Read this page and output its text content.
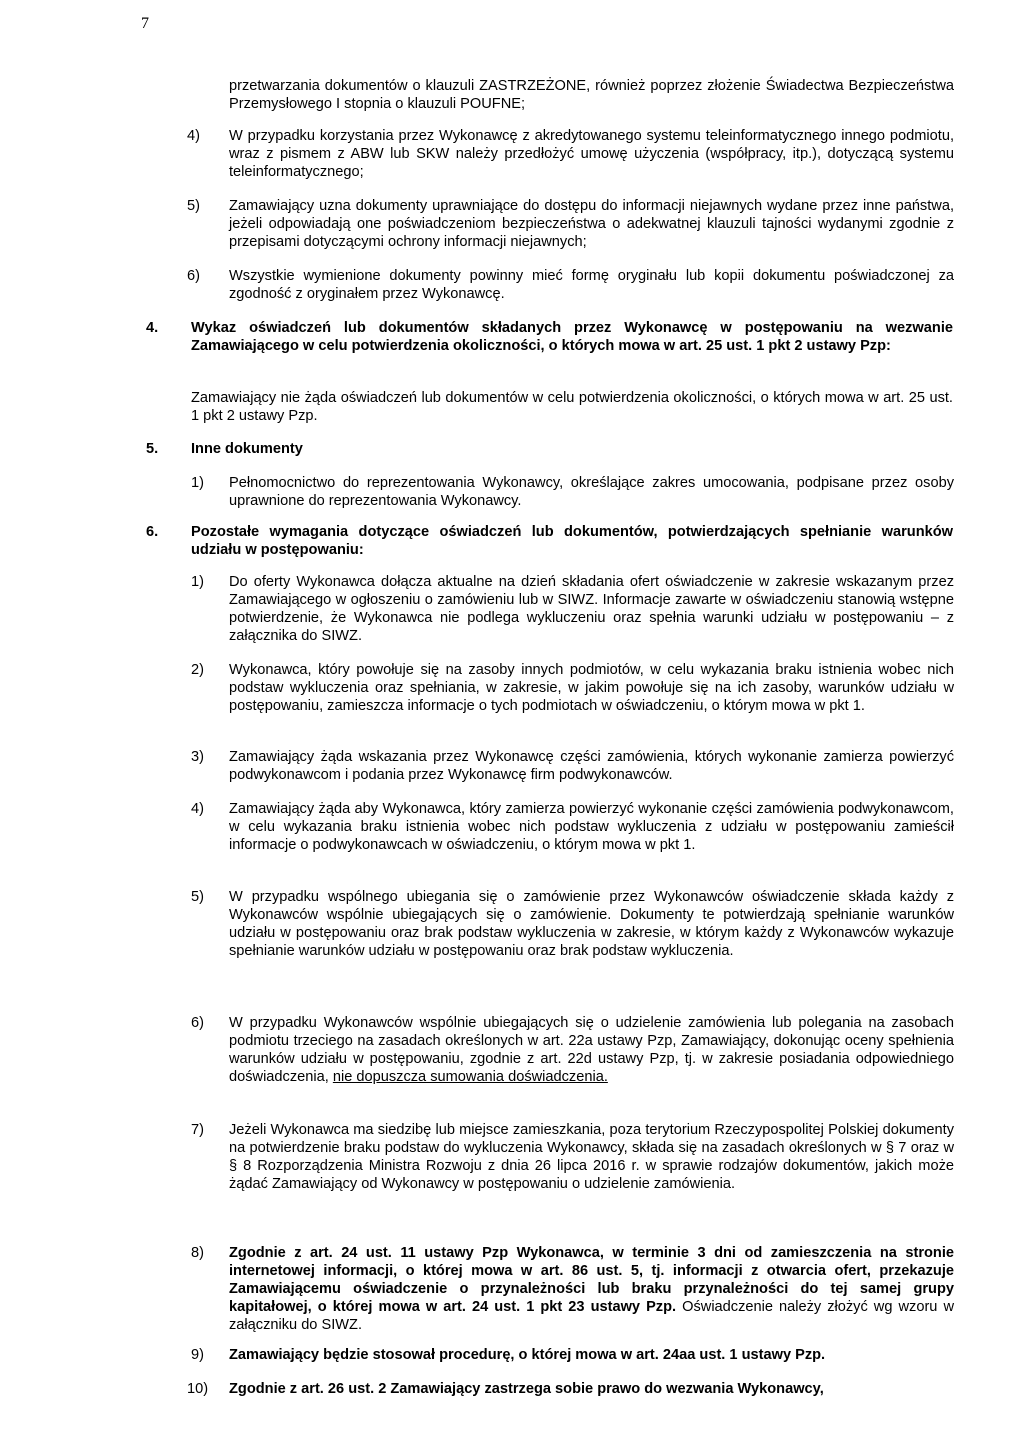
7
przetwarzania dokumentów o klauzuli ZASTRZEŻONE, również poprzez złożenie Świadectwa Bezpieczeństwa Przemysłowego I stopnia o klauzuli POUFNE;
4) W przypadku korzystania przez Wykonawcę z akredytowanego systemu teleinformatycznego innego podmiotu, wraz z pismem z ABW lub SKW należy przedłożyć umowę użyczenia (współpracy, itp.), dotyczącą systemu teleinformatycznego;
5) Zamawiający uzna dokumenty uprawniające do dostępu do informacji niejawnych wydane przez inne państwa, jeżeli odpowiadają one poświadczeniom bezpieczeństwa o adekwatnej klauzuli tajności wydanymi zgodnie z przepisami dotyczącymi ochrony informacji niejawnych;
6) Wszystkie wymienione dokumenty powinny mieć formę oryginału lub kopii dokumentu poświadczonej za zgodność z oryginałem przez Wykonawcę.
4. Wykaz oświadczeń lub dokumentów składanych przez Wykonawcę w postępowaniu na wezwanie Zamawiającego w celu potwierdzenia okoliczności, o których mowa w art. 25 ust. 1 pkt 2 ustawy Pzp:
Zamawiający nie żąda oświadczeń lub dokumentów w celu potwierdzenia okoliczności, o których mowa w art. 25 ust. 1 pkt 2 ustawy Pzp.
5. Inne dokumenty
1) Pełnomocnictwo do reprezentowania Wykonawcy, określające zakres umocowania, podpisane przez osoby uprawnione do reprezentowania Wykonawcy.
6. Pozostałe wymagania dotyczące oświadczeń lub dokumentów, potwierdzających spełnianie warunków udziału w postępowaniu:
1) Do oferty Wykonawca dołącza aktualne na dzień składania ofert oświadczenie w zakresie wskazanym przez Zamawiającego w ogłoszeniu o zamówieniu lub w SIWZ. Informacje zawarte w oświadczeniu stanowią wstępne potwierdzenie, że Wykonawca nie podlega wykluczeniu oraz spełnia warunki udziału w postępowaniu – z załącznika do SIWZ.
2) Wykonawca, który powołuje się na zasoby innych podmiotów, w celu wykazania braku istnienia wobec nich podstaw wykluczenia oraz spełniania, w zakresie, w jakim powołuje się na ich zasoby, warunków udziału w postępowaniu, zamieszcza informacje o tych podmiotach w oświadczeniu, o którym mowa w pkt 1.
3) Zamawiający żąda wskazania przez Wykonawcę części zamówienia, których wykonanie zamierza powierzyć podwykonawcom i podania przez Wykonawcę firm podwykonawców.
4) Zamawiający żąda aby Wykonawca, który zamierza powierzyć wykonanie części zamówienia podwykonawcom, w celu wykazania braku istnienia wobec nich podstaw wykluczenia z udziału w postępowaniu zamieścił informacje o podwykonawcach w oświadczeniu, o którym mowa w pkt 1.
5) W przypadku wspólnego ubiegania się o zamówienie przez Wykonawców oświadczenie składa każdy z Wykonawców wspólnie ubiegających się o zamówienie. Dokumenty te potwierdzają spełnianie warunków udziału w postępowaniu oraz brak podstaw wykluczenia w zakresie, w którym każdy z Wykonawców wykazuje spełnianie warunków udziału w postępowaniu oraz brak podstaw wykluczenia.
6) W przypadku Wykonawców wspólnie ubiegających się o udzielenie zamówienia lub polegania na zasobach podmiotu trzeciego na zasadach określonych w art. 22a ustawy Pzp, Zamawiający, dokonując oceny spełnienia warunków udziału w postępowaniu, zgodnie z art. 22d ustawy Pzp, tj. w zakresie posiadania odpowiedniego doświadczenia, nie dopuszcza sumowania doświadczenia.
7) Jeżeli Wykonawca ma siedzibę lub miejsce zamieszkania, poza terytorium Rzeczypospolitej Polskiej dokumenty na potwierdzenie braku podstaw do wykluczenia Wykonawcy, składa się na zasadach określonych w § 7 oraz w § 8 Rozporządzenia Ministra Rozwoju z dnia 26 lipca 2016 r. w sprawie rodzajów dokumentów, jakich może żądać Zamawiający od Wykonawcy w postępowaniu o udzielenie zamówienia.
8) Zgodnie z art. 24 ust. 11 ustawy Pzp Wykonawca, w terminie 3 dni od zamieszczenia na stronie internetowej informacji, o której mowa w art. 86 ust. 5, tj. informacji z otwarcia ofert, przekazuje Zamawiającemu oświadczenie o przynależności lub braku przynależności do tej samej grupy kapitałowej, o której mowa w art. 24 ust. 1 pkt 23 ustawy Pzp. Oświadczenie należy złożyć wg wzoru w załączniku do SIWZ.
9) Zamawiający będzie stosował procedurę, o której mowa w art. 24aa ust. 1 ustawy Pzp.
10) Zgodnie z art. 26 ust. 2 Zamawiający zastrzega sobie prawo do wezwania Wykonawcy,
